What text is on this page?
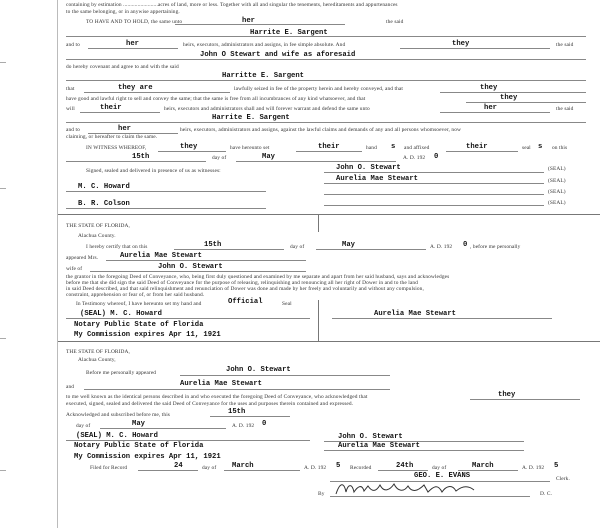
containing by estimation ........................acres of land, more or less. Together with all and singular the tenements, hereditaments and appurtenances
to the same belonging, or in anywise appertaining.
TO HAVE AND TO HOLD, the same unto	her	the said
Harrite E. Sargent
and to	her	heirs, executors, administrators and assigns, in fee simple absolute. And	they	the said
John O Stewart and wife as aforesaid
do hereby covenant and agree to and with the said
Harritte E. Sargent
that	they are	lawfully seized in fee of the property herein and hereby conveyed, and that	they
have good and lawful right to sell and convey the same; that the same is free from all incumbrances of any kind whatsoever, and that	they
will	their	heirs, executors and administrators shall and will forever warrant and defend the same unto	her	the said
Harrite E. Sargent
and to	her	heirs, executors, administrators and assigns, against the lawful claims and demands of any and all persons whomsoever, now
claiming, or hereafter to claim the same.
IN WITNESS WHEREOF,	they	have hereunto set	their	hand s and affixed	their	seal s on this
15th	day of	May	A. D. 192 0
Signed, sealed and delivered in presence of us as witnesses:	John O. Stewart	(SEAL)
Aurelia Mae Stewart	(SEAL)
M. C. Howard
(SEAL)
B. R. Colson	(SEAL)
THE STATE OF FLORIDA,
Alachua County.
I hereby certify that on this	15th	day of	May	A. D. 192 0 , before me personally
appeared Mrs.	Aurelia Mae Stewart
wife of	John O. Stewart
the grantor in the foregoing Deed of Conveyance, who, being first duly questioned and examined by me separate and apart from her said husband, says and acknowledges
before me that she did sign the said Deed of Conveyance for the purpose of releasing, relinquishing and renouncing all her right of Dower in and to the land
in said Deed described, and that said relinquishment and renunciation of Dower was done and made by her freely and voluntarily and without any compulsion,
constraint, apprehension or fear of, or from her said husband.
In Testimony whereof, I have hereunto set my hand and	Official	Seal
(SEAL) M. C. Howard
Notary Public State of Florida
My Commission expires Apr 11, 1921
Aurelia Mae Stewart
THE STATE OF FLORIDA,
Alachua County,
Before me personally appeared	John O. Stewart
and	Aurelia Mae Stewart
to me well known as the identical persons described in and who executed the foregoing Deed of Conveyance, who acknowledged that	they
executed, signed, sealed and delivered the said Deed of Conveyance for the uses and purposes therein contained and expressed.
Acknowledged and subscribed before me, this	15th
day of	May	A. D. 192 0
(SEAL) M. C. Howard
Notary Public State of Florida
My Commission expires Apr 11, 1921
John O. Stewart
Aurelia Mae Stewart
Filed for Record	24	day of March	A. D. 192 5 Recorded	24th	day of	March	A. D. 192 5
GEO. E. EVANS	Clerk.
By	D. C.
